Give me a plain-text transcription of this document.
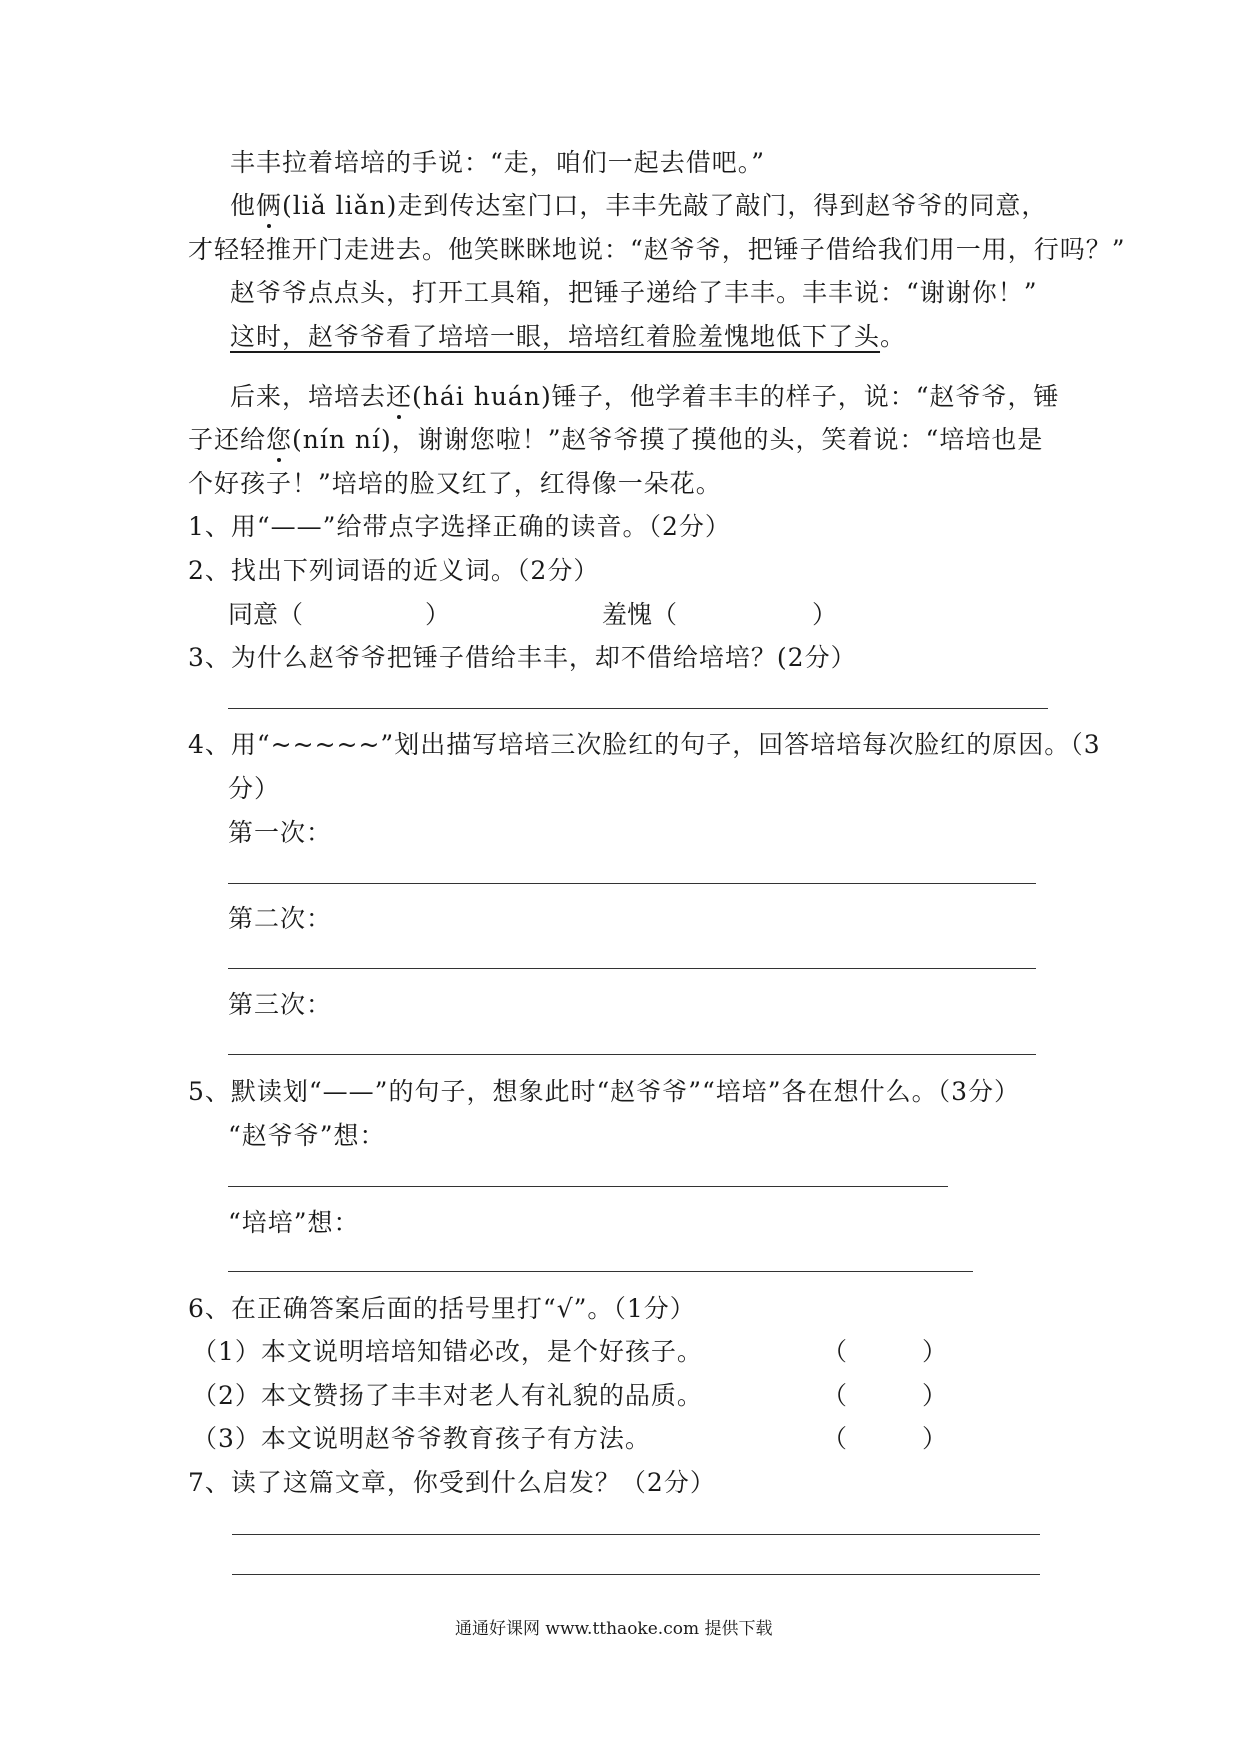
丰丰拉着培培的手说：“走，咱们一起去借吧。”
他俩(liǎ liǎn)走到传达室门口，丰丰先敲了敲门，得到赵爷爷的同意，
才轻轻推开门走进去。他笑眯眯地说：“赵爷爷，把锤子借给我们用一用，行吗？”
赵爷爷点点头，打开工具箱，把锤子递给了丰丰。丰丰说：“谢谢你！”
这时，赵爷爷看了培培一眼，培培红着脸羞愧地低下了头。
后来，培培去还(hái huán)锤子，他学着丰丰的样子，说：“赵爷爷，锤
子还给您(nín ní)，谢谢您啦！”赵爷爷摸了摸他的头，笑着说：“培培也是
个好孩子！”培培的脸又红了，红得像一朵花。
1、用“——”给带点字选择正确的读音。（2分）
2、找出下列词语的近义词。（2分）
同意（	）	羞愧（	）
3、为什么赵爷爷把锤子借给丰丰，却不借给培培？(2分）
4、用“~~~~~”划出描写培培三次脸红的句子，回答培培每次脸红的原因。（3
分）
第一次：
第二次：
第三次：
5、默读划“——”的句子，想象此时“赵爷爷”“培培”各在想什么。（3分）
“赵爷爷”想：
“培培”想：
6、在正确答案后面的括号里打“√”。（1分）
（1）本文说明培培知错必改，是个好孩子。	（　　　）
（2）本文赞扬了丰丰对老人有礼貌的品质。	（　　　）
（3）本文说明赵爷爷教育孩子有方法。	（　　　）
7、读了这篇文章，你受到什么启发？（2分）
通通好课网 www.tthaoke.com 提供下载
